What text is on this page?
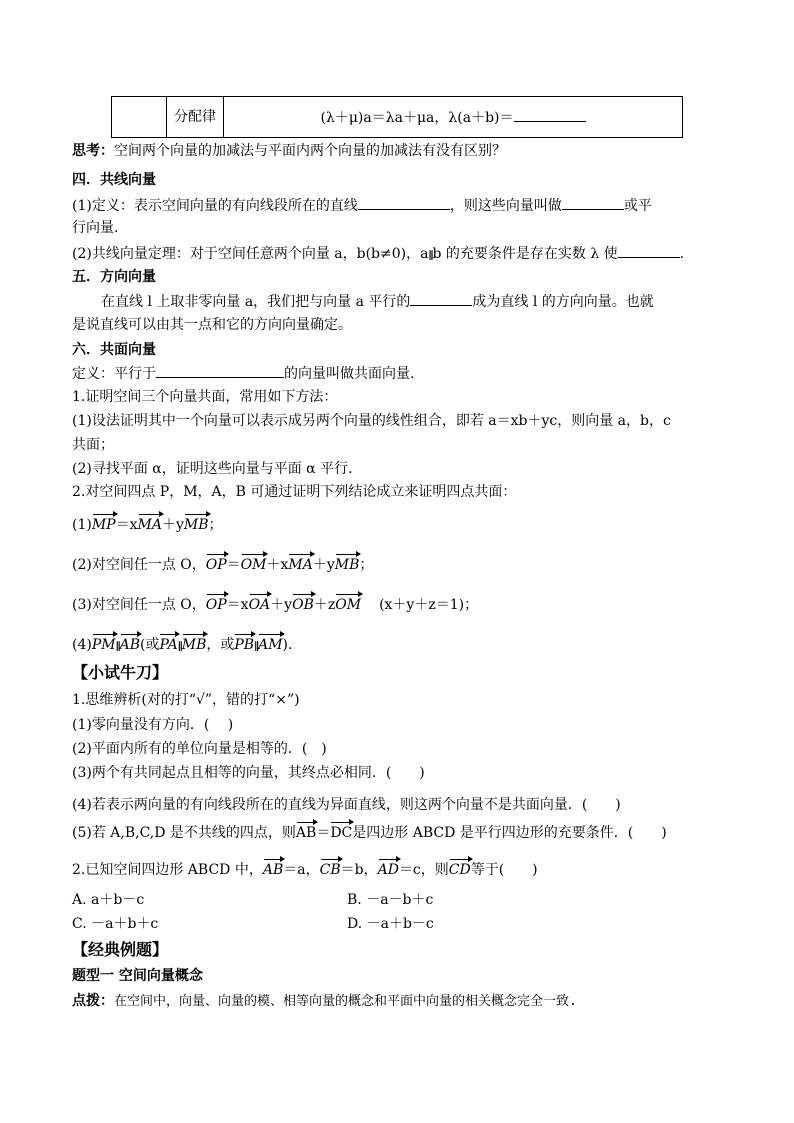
	分配律	(λ＋μ)a＝λa＋μa，λ(a＋b)＝
思考：空间两个向量的加减法与平面内两个向量的加减法有没有区别？
四．共线向量
(1)定义：表示空间向量的有向线段所在的直线	，则这些向量叫做	或平
行向量.
(2)共线向量定理：对于空间任意两个向量 a，b(b≠0)，a∥b 的充要条件是存在实数 λ 使	.
五．方向向量
在直线 l 上取非零向量 a，我们把与向量 a 平行的	成为直线 l 的方向向量。也就
是说直线可以由其一点和它的方向向量确定。
六．共面向量
定义：平行于	的向量叫做共面向量.
1.证明空间三个向量共面，常用如下方法：
(1)设法证明其中一个向量可以表示成另两个向量的线性组合，即若 a＝xb＋yc，则向量 a，b，c
共面；
(2)寻找平面 α，证明这些向量与平面 α 平行.
2.对空间四点 P，M，A，B 可通过证明下列结论成立来证明四点共面：
(1)MP＝xMA＋yMB；
(2)对空间任一点 O，OP＝OM＋xMA＋yMB；
(3)对空间任一点 O，OP＝xOA＋yOB＋zOM (x＋y＋z＝1)；
(4)PM∥AB(或PA∥MB，或PB∥AM).
【小试牛刀】
1.思维辨析(对的打“√”，错的打“×”)
(1)零向量没有方向．(　 )
(2)平面内所有的单位向量是相等的．(　)
(3)两个有共同起点且相等的向量，其终点必相同．(　　)
(4)若表示两向量的有向线段所在的直线为异面直线，则这两个向量不是共面向量．(　　)
(5)若 A,B,C,D 是不共线的四点，则AB＝DC是四边形 ABCD 是平行四边形的充要条件．(　　)
2.已知空间四边形 ABCD 中，AB＝a，CB＝b，AD＝c，则CD等于(　　)
A. a＋b－c	B. －a－b＋c
C. －a＋b＋c	D. －a＋b－c
【经典例题】
题型一 空间向量概念
点拨：在空间中，向量、向量的模、相等向量的概念和平面中向量的相关概念完全一致.
